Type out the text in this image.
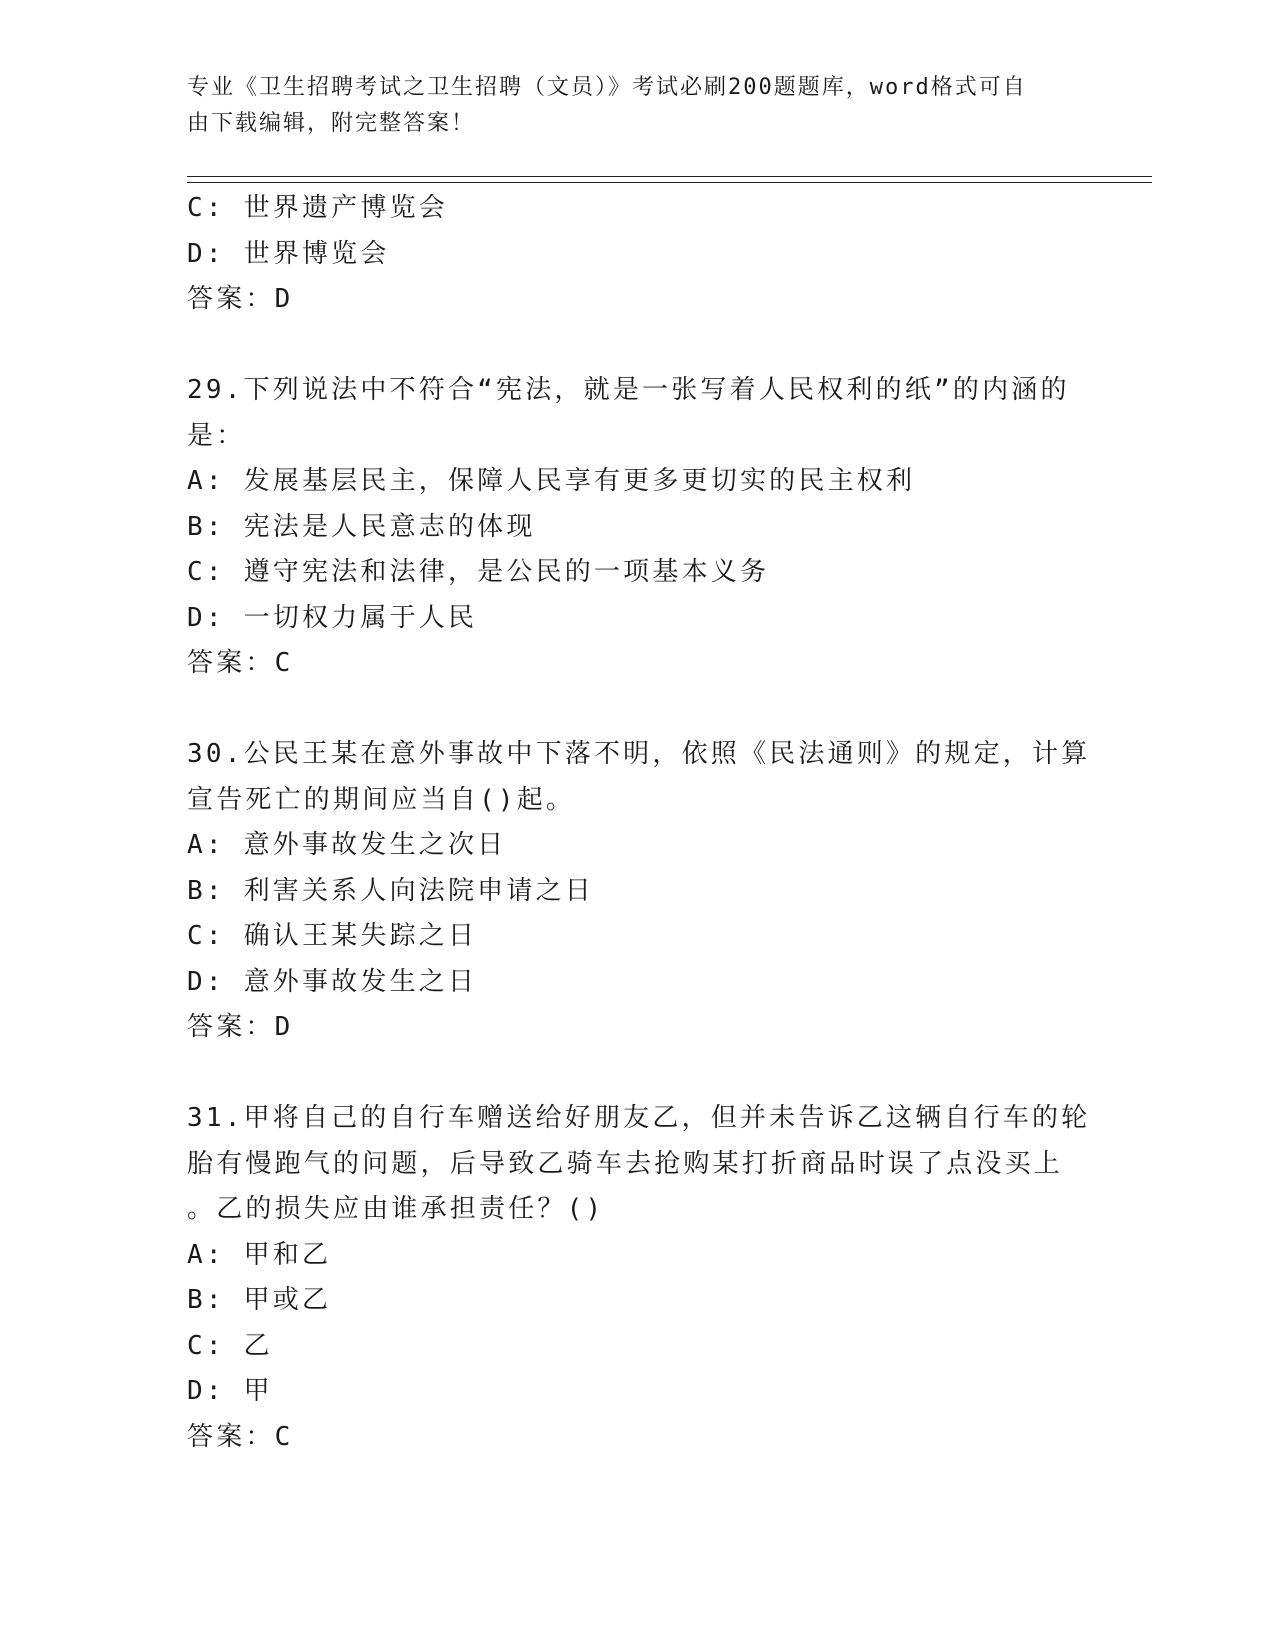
专业《卫生招聘考试之卫生招聘（文员）》考试必刷200题题库，word格式可自
由下载编辑，附完整答案！
C: 世界遗产博览会
D: 世界博览会
答案：D
29.下列说法中不符合“宪法，就是一张写着人民权利的纸”的内涵的
是：
A: 发展基层民主，保障人民享有更多更切实的民主权利
B: 宪法是人民意志的体现
C: 遵守宪法和法律，是公民的一项基本义务
D: 一切权力属于人民
答案：C
30.公民王某在意外事故中下落不明，依照《民法通则》的规定，计算
宣告死亡的期间应当自()起。
A: 意外事故发生之次日
B: 利害关系人向法院申请之日
C: 确认王某失踪之日
D: 意外事故发生之日
答案：D
31.甲将自己的自行车赠送给好朋友乙，但并未告诉乙这辆自行车的轮
胎有慢跑气的问题，后导致乙骑车去抢购某打折商品时误了点没买上
。乙的损失应由谁承担责任？()
A: 甲和乙
B: 甲或乙
C: 乙
D: 甲
答案：C
